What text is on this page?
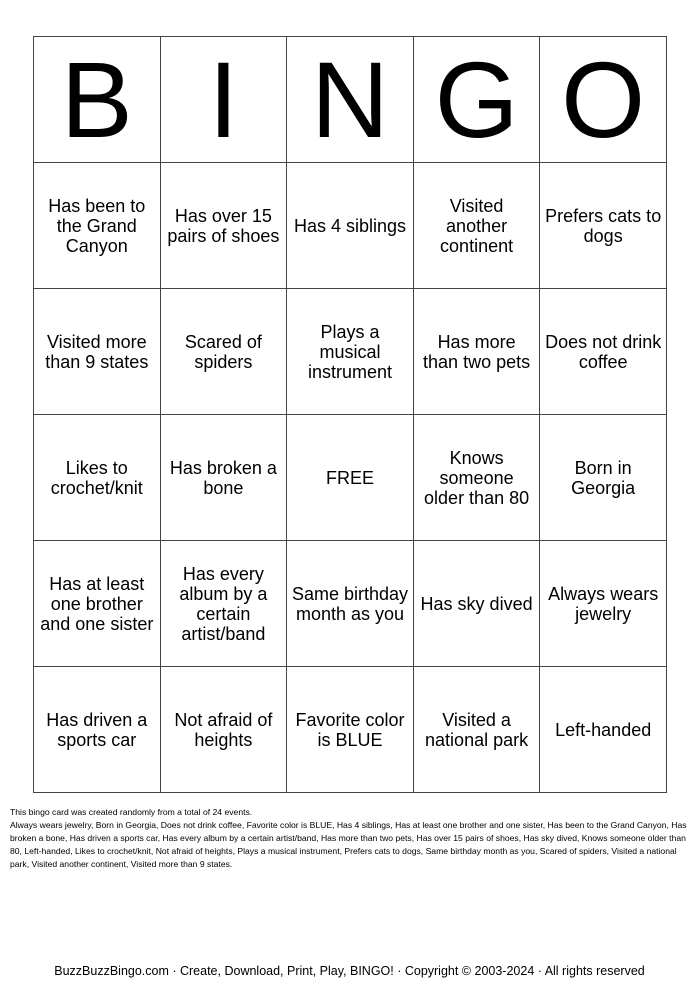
B	I	N	G	O
Has been to the Grand Canyon	Has over 15 pairs of shoes	Has 4 siblings	Visited another continent	Prefers cats to dogs
Visited more than 9 states	Scared of spiders	Plays a musical instrument	Has more than two pets	Does not drink coffee
Likes to crochet/knit	Has broken a bone	FREE	Knows someone older than 80	Born in Georgia
Has at least one brother and one sister	Has every album by a certain artist/band	Same birthday month as you	Has sky dived	Always wears jewelry
Has driven a sports car	Not afraid of heights	Favorite color is BLUE	Visited a national park	Left-handed

This bingo card was created randomly from a total of 24 events.

Always wears jewelry, Born in Georgia, Does not drink coffee, Favorite color is BLUE, Has 4 siblings, Has at least one brother and one sister, Has been to the Grand Canyon, Has broken a bone, Has driven a sports car, Has every album by a certain artist/band, Has more than two pets, Has over 15 pairs of shoes, Has sky dived, Knows someone older than 80, Left-handed, Likes to crochet/knit, Not afraid of heights, Plays a musical instrument, Prefers cats to dogs, Same birthday month as you, Scared of spiders, Visited a national park, Visited another continent, Visited more than 9 states.

BuzzBuzzBingo.com · Create, Download, Print, Play, BINGO! · Copyright © 2003-2024 · All rights reserved
